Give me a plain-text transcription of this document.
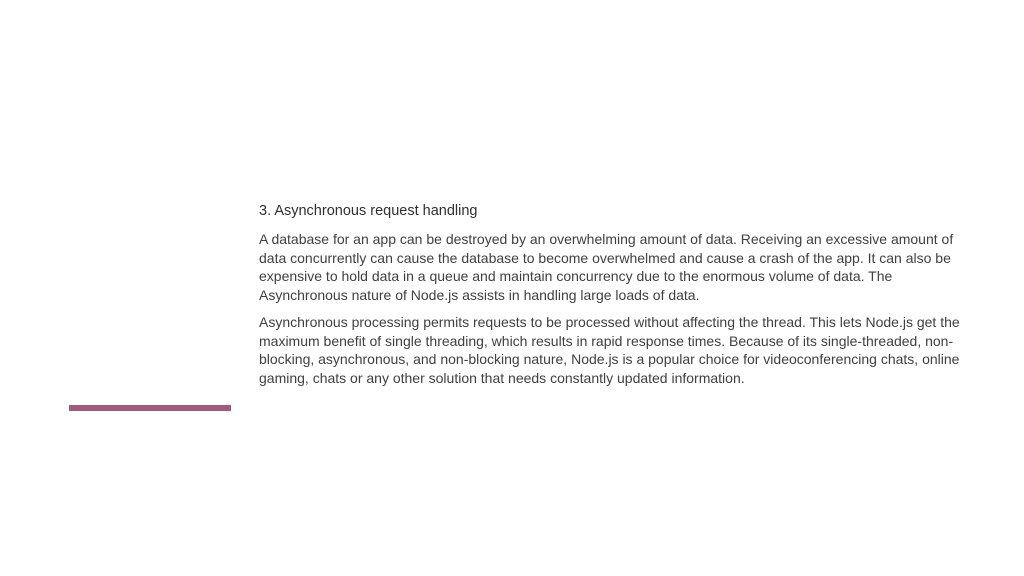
3. Asynchronous request handling

A database for an app can be destroyed by an overwhelming amount of data. Receiving an excessive amount of data concurrently can cause the database to become overwhelmed and cause a crash of the app. It can also be expensive to hold data in a queue and maintain concurrency due to the enormous volume of data. The Asynchronous nature of Node.js assists in handling large loads of data.

Asynchronous processing permits requests to be processed without affecting the thread. This lets Node.js get the maximum benefit of single threading, which results in rapid response times. Because of its single-threaded, non-blocking, asynchronous, and non-blocking nature, Node.js is a popular choice for videoconferencing chats, online gaming, chats or any other solution that needs constantly updated information.
